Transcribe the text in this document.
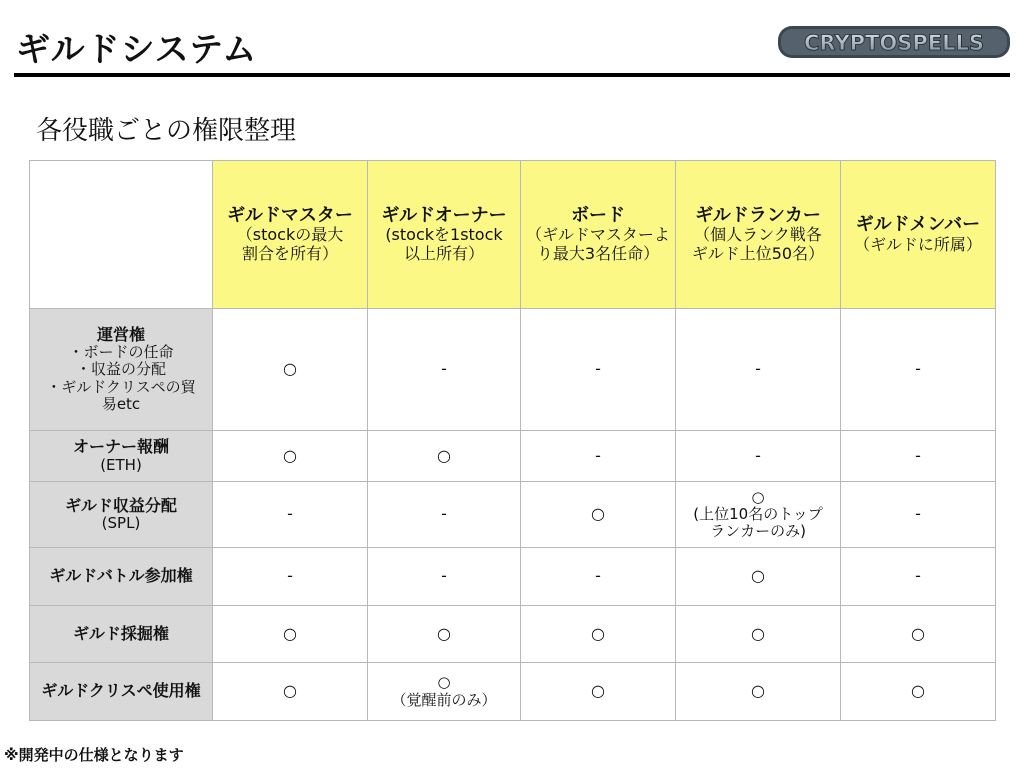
ギルドシステム	CRYPTOSPELLS
各役職ごとの権限整理

	ギルドマスター
（stockの最大
割合を所有）	ギルドオーナー
(stockを1stock
以上所有）	ボード
（ギルドマスターよ
り最大3名任命）	ギルドランカー
（個人ランク戦各
ギルド上位50名）	ギルドメンバー
（ギルドに所属）

運営権
・ボードの任命
・収益の分配
・ギルドクリスペの貿
易etc	○	-	-	-	-

オーナー報酬
(ETH)	○	○	-	-	-

ギルド収益分配
(SPL)	-	-	○	○
(上位10名のトップ
ランカーのみ)	-

ギルドバトル参加権	-	-	-	○	-

ギルド採掘権	○	○	○	○	○

ギルドクリスペ使用権	○	○
（覚醒前のみ）	○	○	○
※開発中の仕様となります
